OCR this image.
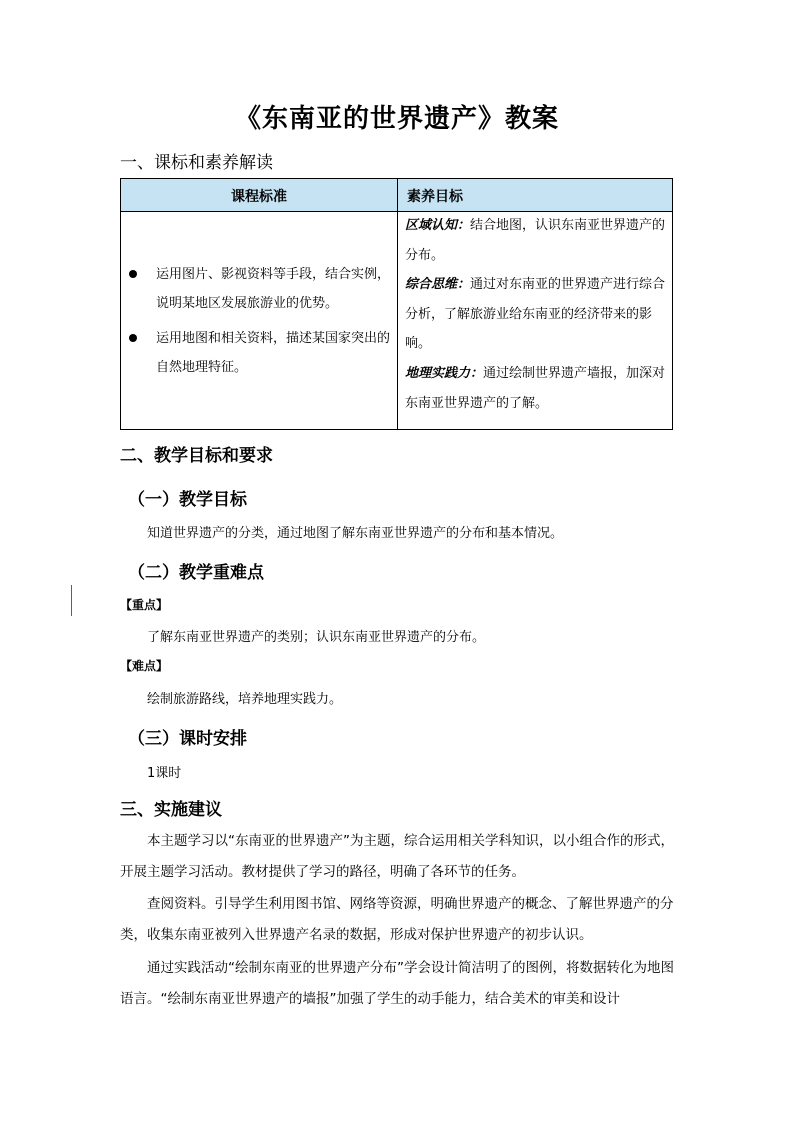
《东南亚的世界遗产》教案
一、课标和素养解读
课程标准	素养目标
运用图片、影视资料等手段，结合实例，说明某地区发展旅游业的优势。
运用地图和相关资料，描述某国家突出的自然地理特征。
区域认知：结合地图，认识东南亚世界遗产的分布。
综合思维：通过对东南亚的世界遗产进行综合分析，了解旅游业给东南亚的经济带来的影响。
地理实践力：通过绘制世界遗产墙报，加深对东南亚世界遗产的了解。
二、教学目标和要求
（一）教学目标
知道世界遗产的分类，通过地图了解东南亚世界遗产的分布和基本情况。
（二）教学重难点
【重点】
了解东南亚世界遗产的类别；认识东南亚世界遗产的分布。
【难点】
绘制旅游路线，培养地理实践力。
（三）课时安排
1课时
三、实施建议
本主题学习以“东南亚的世界遗产”为主题，综合运用相关学科知识，以小组合作的形式，开展主题学习活动。教材提供了学习的路径，明确了各环节的任务。
查阅资料。引导学生利用图书馆、网络等资源，明确世界遗产的概念、了解世界遗产的分类，收集东南亚被列入世界遗产名录的数据，形成对保护世界遗产的初步认识。
通过实践活动“绘制东南亚的世界遗产分布”学会设计简洁明了的图例，将数据转化为地图语言。“绘制东南亚世界遗产的墙报”加强了学生的动手能力，结合美术的审美和设计
